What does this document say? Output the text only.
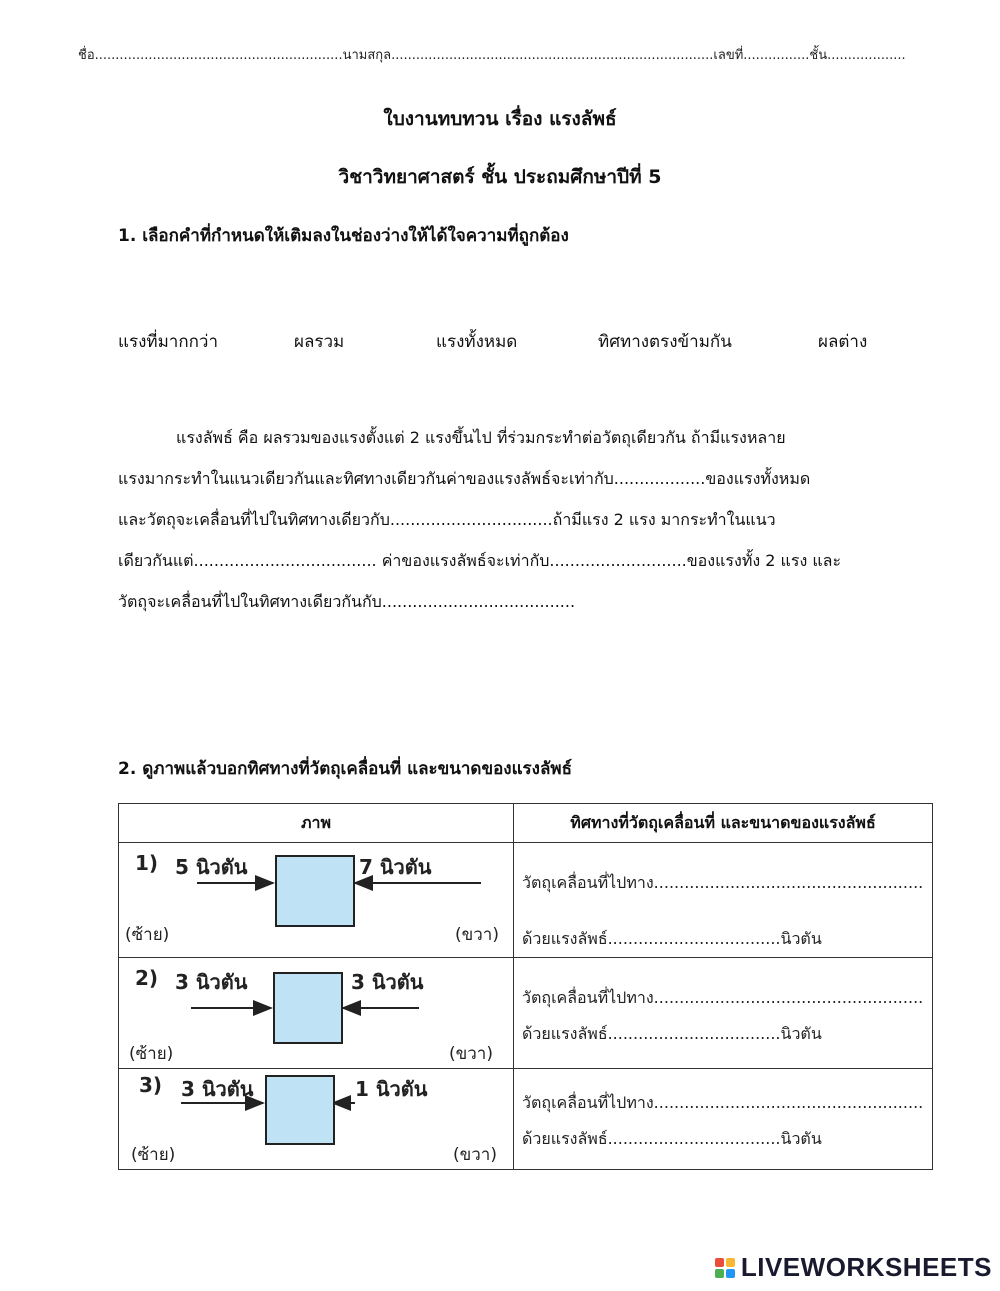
ชื่อ............................................................นามสกุล..............................................................................เลขที่................ชั้น...................
ใบงานทบทวน เรื่อง แรงลัพธ์
วิชาวิทยาศาสตร์ ชั้น ประถมศึกษาปีที่ 5
1. เลือกคำที่กำหนดให้เติมลงในช่องว่างให้ได้ใจความที่ถูกต้อง
แรงที่มากกว่า	ผลรวม	แรงทั้งหมด	ทิศทางตรงข้ามกัน	ผลต่าง

แรงลัพธ์ คือ ผลรวมของแรงตั้งแต่ 2 แรงขึ้นไป ที่ร่วมกระทำต่อวัตถุเดียวกัน ถ้ามีแรงหลาย

แรงมากระทำในแนวเดียวกันและทิศทางเดียวกันค่าของแรงลัพธ์จะเท่ากับ..................ของแรงทั้งหมด

และวัตถุจะเคลื่อนที่ไปในทิศทางเดียวกับ................................ถ้ามีแรง 2 แรง มากระทำในแนว

เดียวกันแต่.................................... ค่าของแรงลัพธ์จะเท่ากับ...........................ของแรงทั้ง 2 แรง และ

วัตถุจะเคลื่อนที่ไปในทิศทางเดียวกันกับ......................................

2. ดูภาพแล้วบอกทิศทางที่วัตถุเคลื่อนที่ และขนาดของแรงลัพธ์
ภาพ	ทิศทางที่วัตถุเคลื่อนที่ และขนาดของแรงลัพธ์

1) 5 นิวตัน 7 นิวตัน
(ซ้าย) (ขวา)	วัตถุเคลื่อนที่ไปทาง.....................................................
ด้วยแรงลัพธ์..................................นิวตัน

2) 3 นิวตัน 3 นิวตัน
(ซ้าย) (ขวา)	วัตถุเคลื่อนที่ไปทาง.....................................................
ด้วยแรงลัพธ์..................................นิวตัน

3) 3 นิวตัน 1 นิวตัน
(ซ้าย) (ขวา)	วัตถุเคลื่อนที่ไปทาง.....................................................
ด้วยแรงลัพธ์..................................นิวตัน
LIVEWORKSHEETS
